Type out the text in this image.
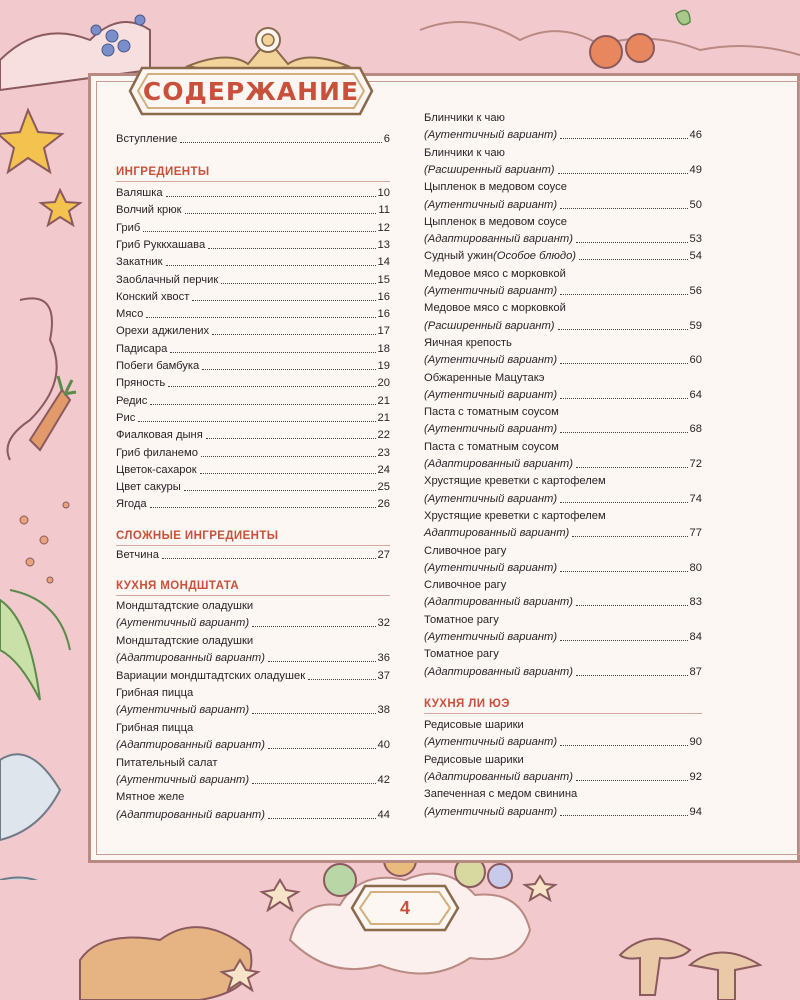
СОДЕРЖАНИЕ
Вступление	6
ИНГРЕДИЕНТЫ
Валяшка	10
Волчий крюк	11
Гриб	12
Гриб Руккхашава	13
Закатник	14
Заоблачный перчик	15
Конский хвост	16
Мясо	16
Орехи аджилених	17
Падисара	18
Побеги бамбука	19
Пряность	20
Редис	21
Рис	21
Фиалковая дыня	22
Гриб филанемо	23
Цветок-сахарок	24
Цвет сакуры	25
Ягода	26
СЛОЖНЫЕ ИНГРЕДИЕНТЫ
Ветчина	27
КУХНЯ МОНДШТАТА
Мондштадтские оладушки
(Аутентичный вариант)	32
Мондштадтские оладушки
(Адаптированный вариант)	36
Вариации мондштадтских оладушек	37
Грибная пицца
(Аутентичный вариант)	38
Грибная пицца
(Адаптированный вариант)	40
Питательный салат
(Аутентичный вариант)	42
Мятное желе
(Адаптированный вариант)	44
Блинчики к чаю
(Аутентичный вариант)	46
Блинчики к чаю
(Расширенный вариант)	49
Цыпленок в медовом соусе
(Аутентичный вариант)	50
Цыпленок в медовом соусе
(Адаптированный вариант)	53
Судный ужин (Особое блюдо)	54
Медовое мясо с морковкой
(Аутентичный вариант)	56
Медовое мясо с морковкой
(Расширенный вариант)	59
Яичная крепость
(Аутентичный вариант)	60
Обжаренные Мацутакэ
(Аутентичный вариант)	64
Паста с томатным соусом
(Аутентичный вариант)	68
Паста с томатным соусом
(Адаптированный вариант)	72
Хрустящие креветки с картофелем
(Аутентичный вариант)	74
Хрустящие креветки с картофелем
Адаптированный вариант)	77
Сливочное рагу
(Аутентичный вариант)	80
Сливочное рагу
(Адаптированный вариант)	83
Томатное рагу
(Аутентичный вариант)	84
Томатное рагу
(Адаптированный вариант)	87
КУХНЯ ЛИ ЮЭ
Редисовые шарики
(Аутентичный вариант)	90
Редисовые шарики
(Адаптированный вариант)	92
Запеченная с медом свинина
(Аутентичный вариант)	94
4
